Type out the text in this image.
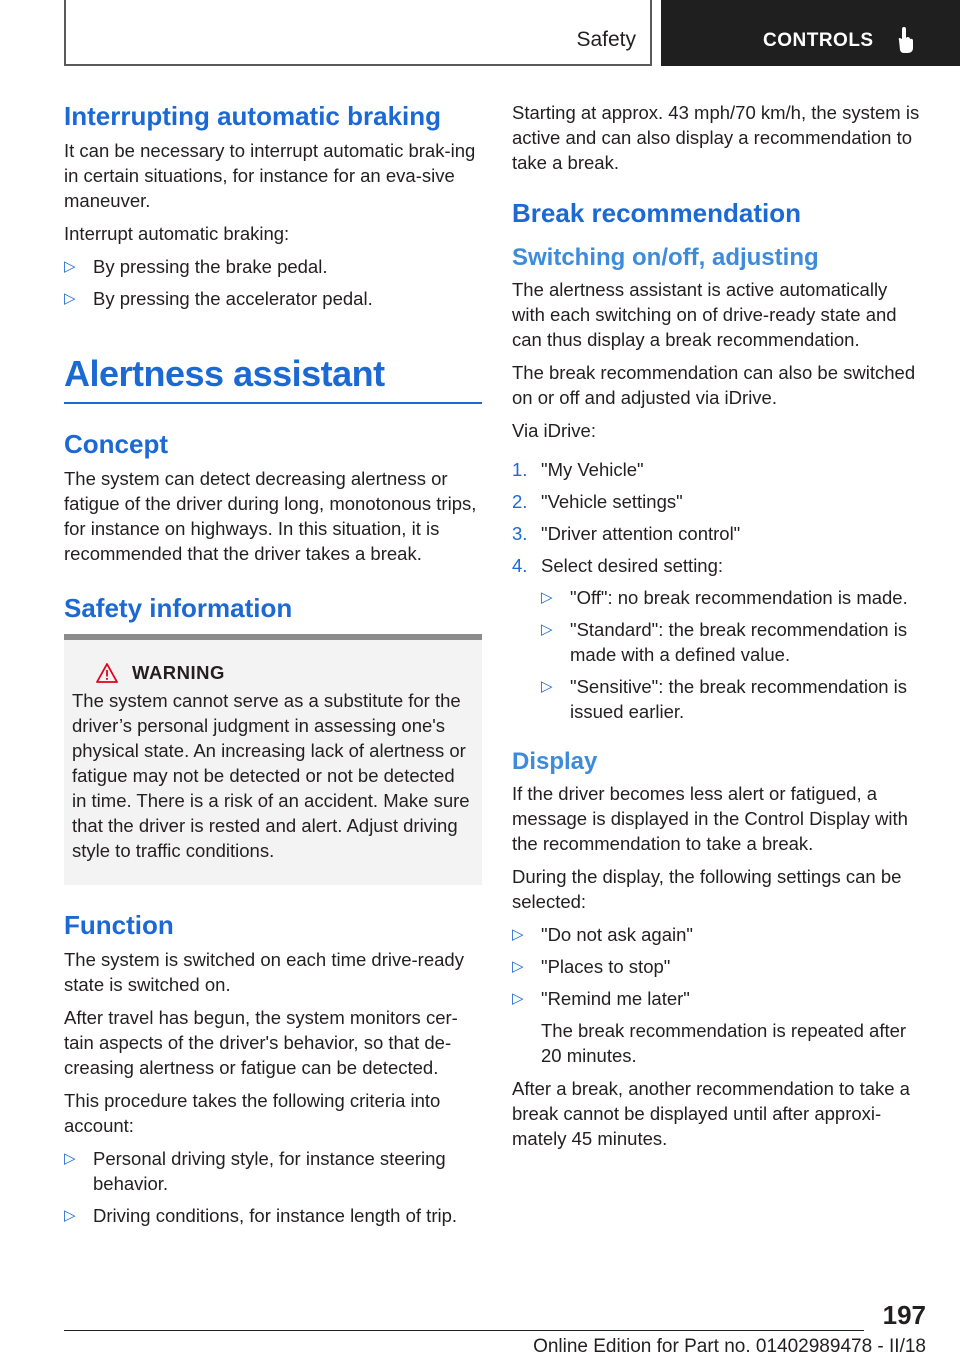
Safety	CONTROLS
Interrupting automatic braking

It can be necessary to interrupt automatic brak-ing in certain situations, for instance for an eva-sive maneuver.

Interrupt automatic braking:

▷ By pressing the brake pedal.
▷ By pressing the accelerator pedal.
Alertness assistant
Concept

The system can detect decreasing alertness or fatigue of the driver during long, monotonous trips, for instance on highways. In this situation, it is recommended that the driver takes a break.

Safety information
WARNING

The system cannot serve as a substitute for the driver’s personal judgment in assessing one's physical state. An increasing lack of alertness or fatigue may not be detected or not be detected in time. There is a risk of an accident. Make sure that the driver is rested and alert. Adjust driving style to traffic conditions.

Function

The system is switched on each time drive-ready state is switched on.

After travel has begun, the system monitors cer-tain aspects of the driver's behavior, so that de-creasing alertness or fatigue can be detected.

This procedure takes the following criteria into account:

▷ Personal driving style, for instance steering behavior.
▷ Driving conditions, for instance length of trip.

Starting at approx. 43 mph/70 km/h, the system is active and can also display a recommendation to take a break.

Break recommendation
Switching on/off, adjusting

The alertness assistant is active automatically with each switching on of drive-ready state and can thus display a break recommendation.

The break recommendation can also be switched on or off and adjusted via iDrive.

Via iDrive:

1. "My Vehicle"
2. "Vehicle settings"
3. "Driver attention control"
4. Select desired setting:
▷ "Off": no break recommendation is made.
▷ "Standard": the break recommendation is made with a defined value.
▷ "Sensitive": the break recommendation is issued earlier.
Display

If the driver becomes less alert or fatigued, a message is displayed in the Control Display with the recommendation to take a break.

During the display, the following settings can be selected:

▷ "Do not ask again"
▷ "Places to stop"
▷ "Remind me later"
The break recommendation is repeated after 20 minutes.

After a break, another recommendation to take a break cannot be displayed until after approxi-mately 45 minutes.

197
Online Edition for Part no. 01402989478 - II/18
